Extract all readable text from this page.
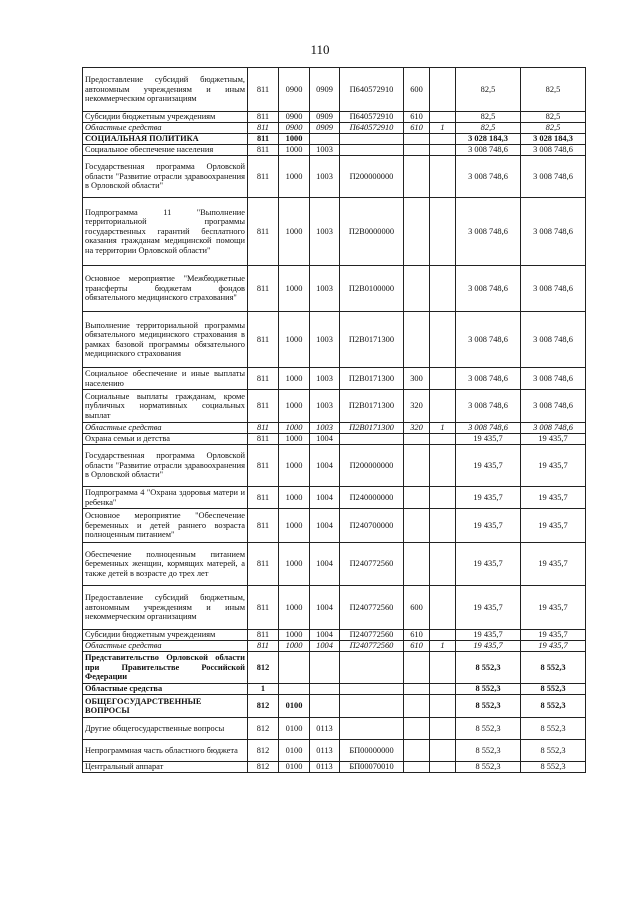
110
Предоставление субсидий бюджетным, автономным учреждениям и иным некоммерческим организациям	811	0900	0909	П640572910	600		82,5	82,5
Субсидии бюджетным учреждениям	811	0900	0909	П640572910	610		82,5	82,5
Областные средства	811	0900	0909	П640572910	610	1	82,5	82,5
СОЦИАЛЬНАЯ ПОЛИТИКА	811	1000					3 028 184,3	3 028 184,3
Социальное обеспечение населения	811	1000	1003				3 008 748,6	3 008 748,6
Государственная программа Орловской области "Развитие отрасли здравоохранения в Орловской области"	811	1000	1003	П200000000			3 008 748,6	3 008 748,6
Подпрограмма 11 "Выполнение территориальной программы государственных гарантий бесплатного оказания гражданам медицинской помощи на территории Орловской области"	811	1000	1003	П2В0000000			3 008 748,6	3 008 748,6
Основное мероприятие "Межбюджетные трансферты бюджетам фондов обязательного медицинского страхования"	811	1000	1003	П2В0100000			3 008 748,6	3 008 748,6
Выполнение территориальной программы обязательного медицинского страхования в рамках базовой программы обязательного медицинского страхования	811	1000	1003	П2В0171300			3 008 748,6	3 008 748,6
Социальное обеспечение и иные выплаты населению	811	1000	1003	П2В0171300	300		3 008 748,6	3 008 748,6
Социальные выплаты гражданам, кроме публичных нормативных социальных выплат	811	1000	1003	П2В0171300	320		3 008 748,6	3 008 748,6
Областные средства	811	1000	1003	П2В0171300	320	1	3 008 748,6	3 008 748,6
Охрана семьи и детства	811	1000	1004				19 435,7	19 435,7
Государственная программа Орловской области "Развитие отрасли здравоохранения в Орловской области"	811	1000	1004	П200000000			19 435,7	19 435,7
Подпрограмма 4 "Охрана здоровья матери и ребенка"	811	1000	1004	П240000000			19 435,7	19 435,7
Основное мероприятие "Обеспечение беременных и детей раннего возраста полноценным питанием"	811	1000	1004	П240700000			19 435,7	19 435,7
Обеспечение полноценным питанием беременных женщин, кормящих матерей, а также детей в возрасте до трех лет	811	1000	1004	П240772560			19 435,7	19 435,7
Предоставление субсидий бюджетным, автономным учреждениям и иным некоммерческим организациям	811	1000	1004	П240772560	600		19 435,7	19 435,7
Субсидии бюджетным учреждениям	811	1000	1004	П240772560	610		19 435,7	19 435,7
Областные средства	811	1000	1004	П240772560	610	1	19 435,7	19 435,7
Представительство Орловской области при Правительстве Российской Федерации	812						8 552,3	8 552,3
Областные средства	1						8 552,3	8 552,3
ОБЩЕГОСУДАРСТВЕННЫЕ ВОПРОСЫ	812	0100					8 552,3	8 552,3
Другие общегосударственные вопросы	812	0100	0113				8 552,3	8 552,3
Непрограммная часть областного бюджета	812	0100	0113	БП00000000			8 552,3	8 552,3
Центральный аппарат	812	0100	0113	БП00070010			8 552,3	8 552,3
